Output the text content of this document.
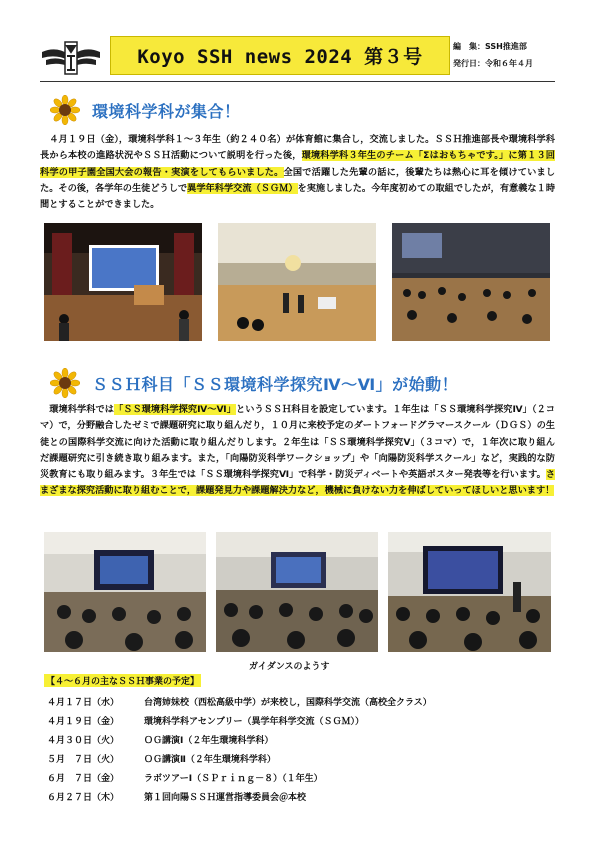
Koyo SSH news 2024 第３号	編　集：SSH推進部
発行日：令和６年４月
環境科学科が集合！
　４月１９日（金），環境科学科１～３年生（約２４０名）が体育館に集合し，交流しました。ＳＳＨ推進部長や環境科学科長から本校の進路状況やＳＳＨ活動について説明を行った後，環境科学科３年生のチーム「Σはおもちゃです。」に第１３回科学の甲子園全国大会の報告・実演をしてもらいました。全国で活躍した先輩の話に，後輩たちは熱心に耳を傾けていました。その後，各学年の生徒どうしで異学年科学交流（ＳＧＭ）を実施しました。今年度初めての取組でしたが，有意義な１時間とすることができました。
ＳＳＨ科目「ＳＳ環境科学探究Ⅳ～Ⅵ」が始動！
　環境科学科では「ＳＳ環境科学探究Ⅳ～Ⅵ」というＳＳＨ科目を設定しています。１年生は「ＳＳ環境科学探究Ⅳ」（２コマ）で，分野融合したゼミで課題研究に取り組んだり，１０月に来校予定のダートフォードグラマースクール（ＤＧＳ）の生徒との国際科学交流に向けた活動に取り組んだりします。２年生は「ＳＳ環境科学探究Ⅴ」（３コマ）で，１年次に取り組んだ課題研究に引き続き取り組みます。また，「向陽防災科学ワークショップ」や「向陽防災科学スクール」など，実践的な防災教育にも取り組みます。３年生では「ＳＳ環境科学探究Ⅵ」で科学・防災ディベートや英語ポスター発表等を行います。さまざまな探究活動に取り組むことで，課題発見力や課題解決力など，機械に負けない力を伸ばしていってほしいと思います！
ガイダンスのようす
【４～６月の主なＳＳＨ事業の予定】
４月１７日（水）	台湾姉妹校（西松高級中学）が来校し，国際科学交流（高校全クラス）
４月１９日（金）	環境科学科アセンブリー（異学年科学交流（ＳＧＭ））
４月３０日（火）	ＯＧ講演Ⅰ（２年生環境科学科）
５月　７日（火）	ＯＧ講演Ⅱ（２年生環境科学科）
６月　７日（金）	ラボツアーⅠ（ＳＰｒｉｎｇ－８）（１年生）
６月２７日（木）	第１回向陽ＳＳＨ運営指導委員会＠本校
